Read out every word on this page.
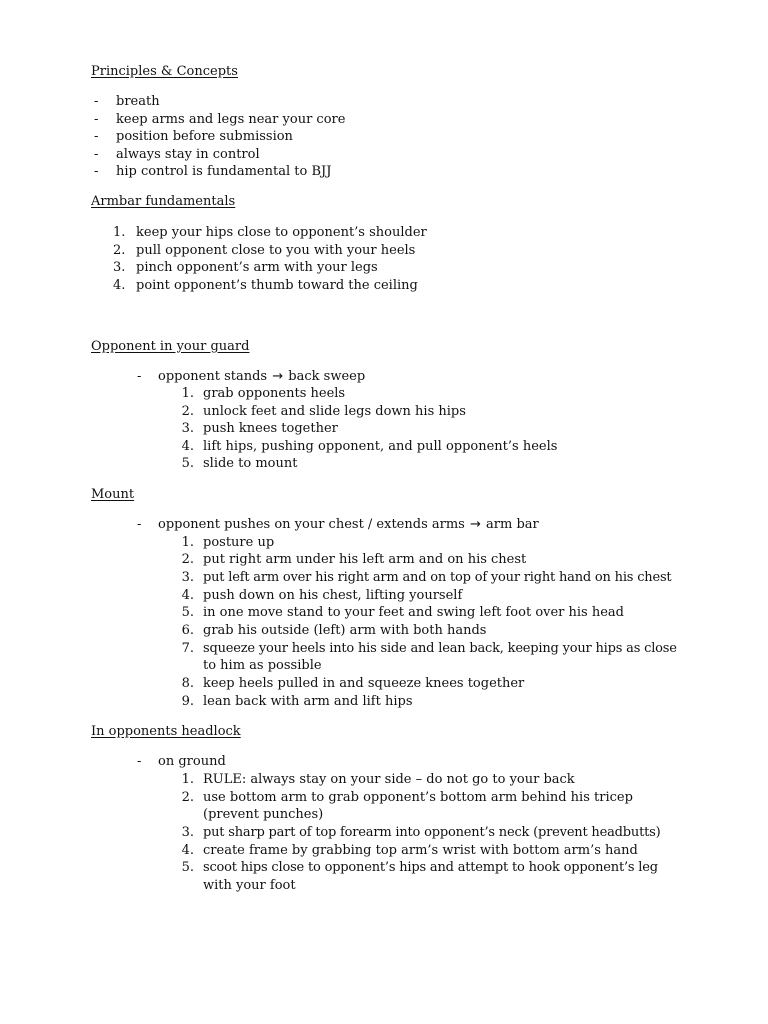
Principles & Concepts
- breath
- keep arms and legs near your core
- position before submission
- always stay in control
- hip control is fundamental to BJJ
Armbar fundamentals
1. keep your hips close to opponent’s shoulder
2. pull opponent close to you with your heels
3. pinch opponent’s arm with your legs
4. point opponent’s thumb toward the ceiling
Opponent in your guard
- opponent stands → back sweep
1. grab opponents heels
2. unlock feet and slide legs down his hips
3. push knees together
4. lift hips, pushing opponent, and pull opponent’s heels
5. slide to mount
Mount
- opponent pushes on your chest / extends arms → arm bar
1. posture up
2. put right arm under his left arm and on his chest
3. put left arm over his right arm and on top of your right hand on his chest
4. push down on his chest, lifting yourself
5. in one move stand to your feet and swing left foot over his head
6. grab his outside (left) arm with both hands
7. squeeze your heels into his side and lean back, keeping your hips as close
to him as possible
8. keep heels pulled in and squeeze knees together
9. lean back with arm and lift hips
In opponents headlock
- on ground
1. RULE: always stay on your side – do not go to your back
2. use bottom arm to grab opponent’s bottom arm behind his tricep
(prevent punches)
3. put sharp part of top forearm into opponent’s neck (prevent headbutts)
4. create frame by grabbing top arm’s wrist with bottom arm’s hand
5. scoot hips close to opponent’s hips and attempt to hook opponent’s leg
with your foot
